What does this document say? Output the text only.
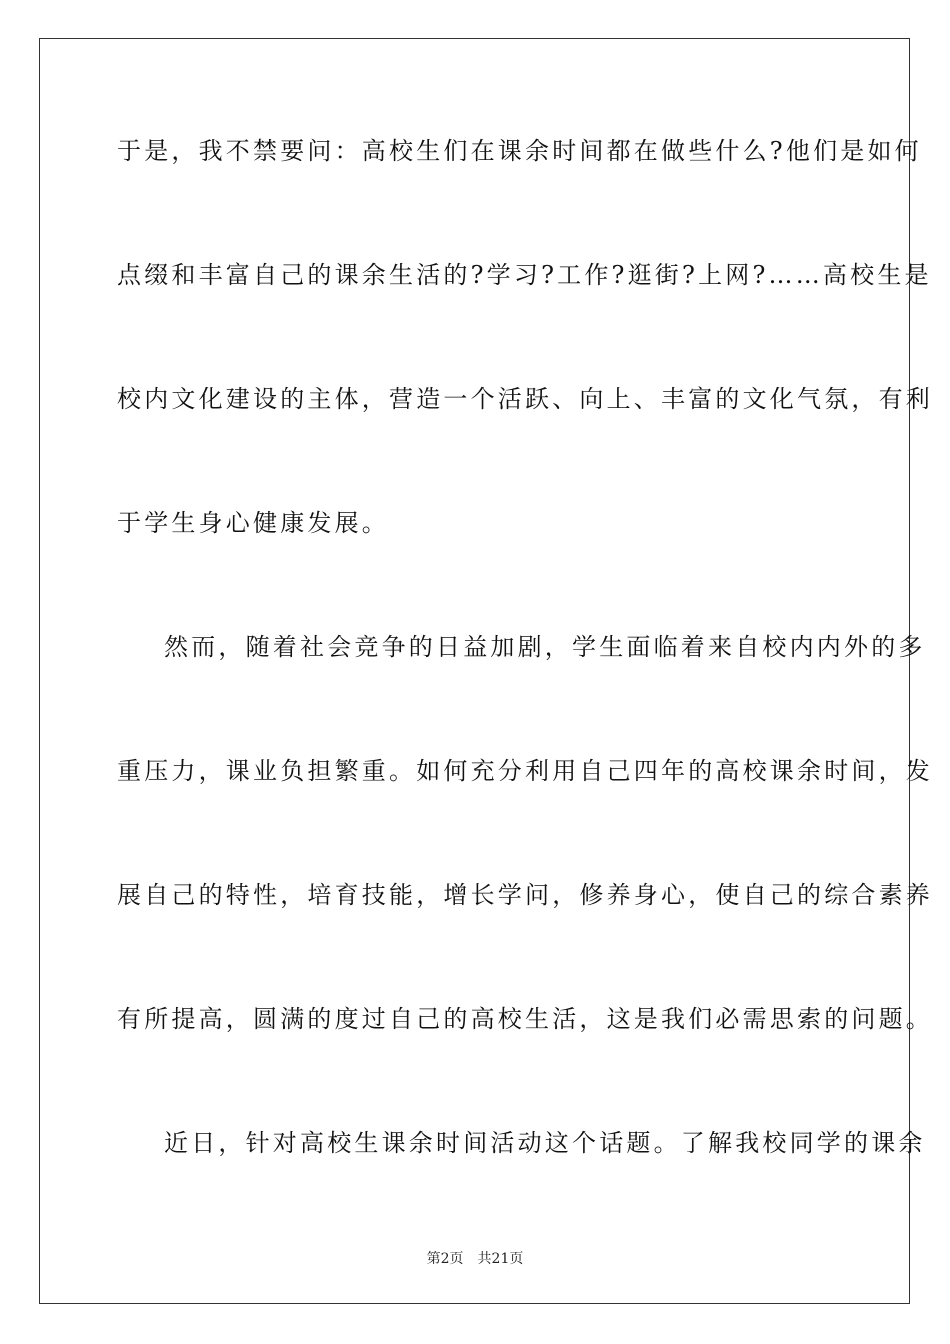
于是，我不禁要问：高校生们在课余时间都在做些什么?他们是如何
点缀和丰富自己的课余生活的?学习?工作?逛街?上网?……高校生是
校内文化建设的主体，营造一个活跃、向上、丰富的文化气氛，有利
于学生身心健康发展。
然而，随着社会竞争的日益加剧，学生面临着来自校内内外的多
重压力，课业负担繁重。如何充分利用自己四年的高校课余时间，发
展自己的特性，培育技能，增长学问，修养身心，使自己的综合素养
有所提高，圆满的度过自己的高校生活，这是我们必需思索的问题。
近日，针对高校生课余时间活动这个话题。了解我校同学的课余
第2页 共21页
